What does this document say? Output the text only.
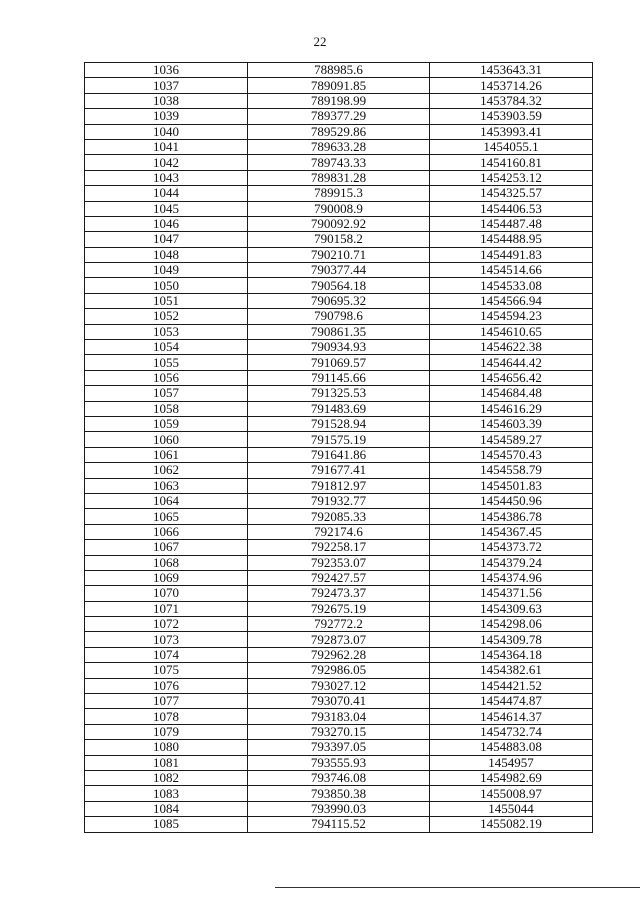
22
1036	788985.6	1453643.31
1037	789091.85	1453714.26
1038	789198.99	1453784.32
1039	789377.29	1453903.59
1040	789529.86	1453993.41
1041	789633.28	1454055.1
1042	789743.33	1454160.81
1043	789831.28	1454253.12
1044	789915.3	1454325.57
1045	790008.9	1454406.53
1046	790092.92	1454487.48
1047	790158.2	1454488.95
1048	790210.71	1454491.83
1049	790377.44	1454514.66
1050	790564.18	1454533.08
1051	790695.32	1454566.94
1052	790798.6	1454594.23
1053	790861.35	1454610.65
1054	790934.93	1454622.38
1055	791069.57	1454644.42
1056	791145.66	1454656.42
1057	791325.53	1454684.48
1058	791483.69	1454616.29
1059	791528.94	1454603.39
1060	791575.19	1454589.27
1061	791641.86	1454570.43
1062	791677.41	1454558.79
1063	791812.97	1454501.83
1064	791932.77	1454450.96
1065	792085.33	1454386.78
1066	792174.6	1454367.45
1067	792258.17	1454373.72
1068	792353.07	1454379.24
1069	792427.57	1454374.96
1070	792473.37	1454371.56
1071	792675.19	1454309.63
1072	792772.2	1454298.06
1073	792873.07	1454309.78
1074	792962.28	1454364.18
1075	792986.05	1454382.61
1076	793027.12	1454421.52
1077	793070.41	1454474.87
1078	793183.04	1454614.37
1079	793270.15	1454732.74
1080	793397.05	1454883.08
1081	793555.93	1454957
1082	793746.08	1454982.69
1083	793850.38	1455008.97
1084	793990.03	1455044
1085	794115.52	1455082.19
